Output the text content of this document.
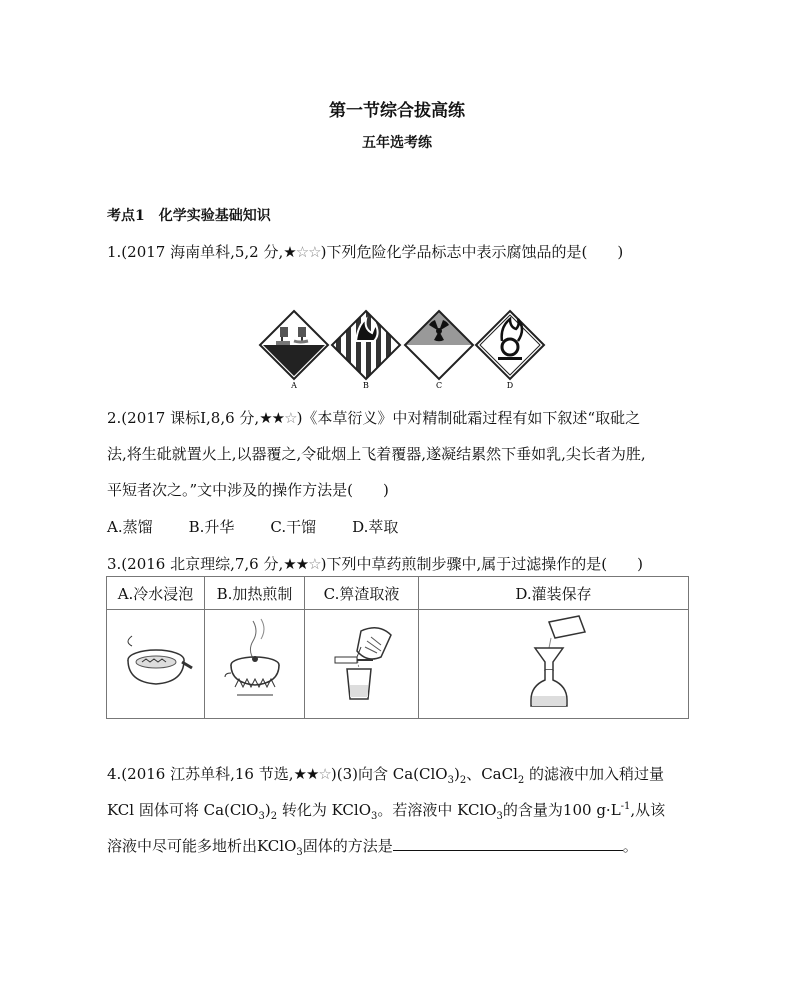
第一节综合拔高练
五年选考练
考点1　化学实验基础知识
1.(2017 海南单科,5,2 分,★☆☆)下列危险化学品标志中表示腐蚀品的是(　　)
A	B	C	D
2.(2017 课标Ⅰ,8,6 分,★★☆)《本草衍义》中对精制砒霜过程有如下叙述“取砒之
法,将生砒就置火上,以器覆之,令砒烟上飞着覆器,遂凝结累然下垂如乳,尖长者为胜,
平短者次之。”文中涉及的操作方法是(　　)
A.蒸馏 B.升华 C.干馏 D.萃取
3.(2016 北京理综,7,6 分,★★☆)下列中草药煎制步骤中,属于过滤操作的是(　　)
A.冷水浸泡	B.加热煎制	C.箅渣取液	D.灌装保存

4.(2016 江苏单科,16 节选,★★☆)(3)向含 $Ca(ClO_3)_2$、CaCl$_2$ 的滤液中加入稍过量
KCl 固体可将 $Ca(ClO_3)_2$ 转化为 KClO$_3$。若溶液中 KClO$_3$的含量为100 $g\cdot L^{-1}$,从该
溶液中尽可能多地析出KClO$_3$固体的方法是	。
